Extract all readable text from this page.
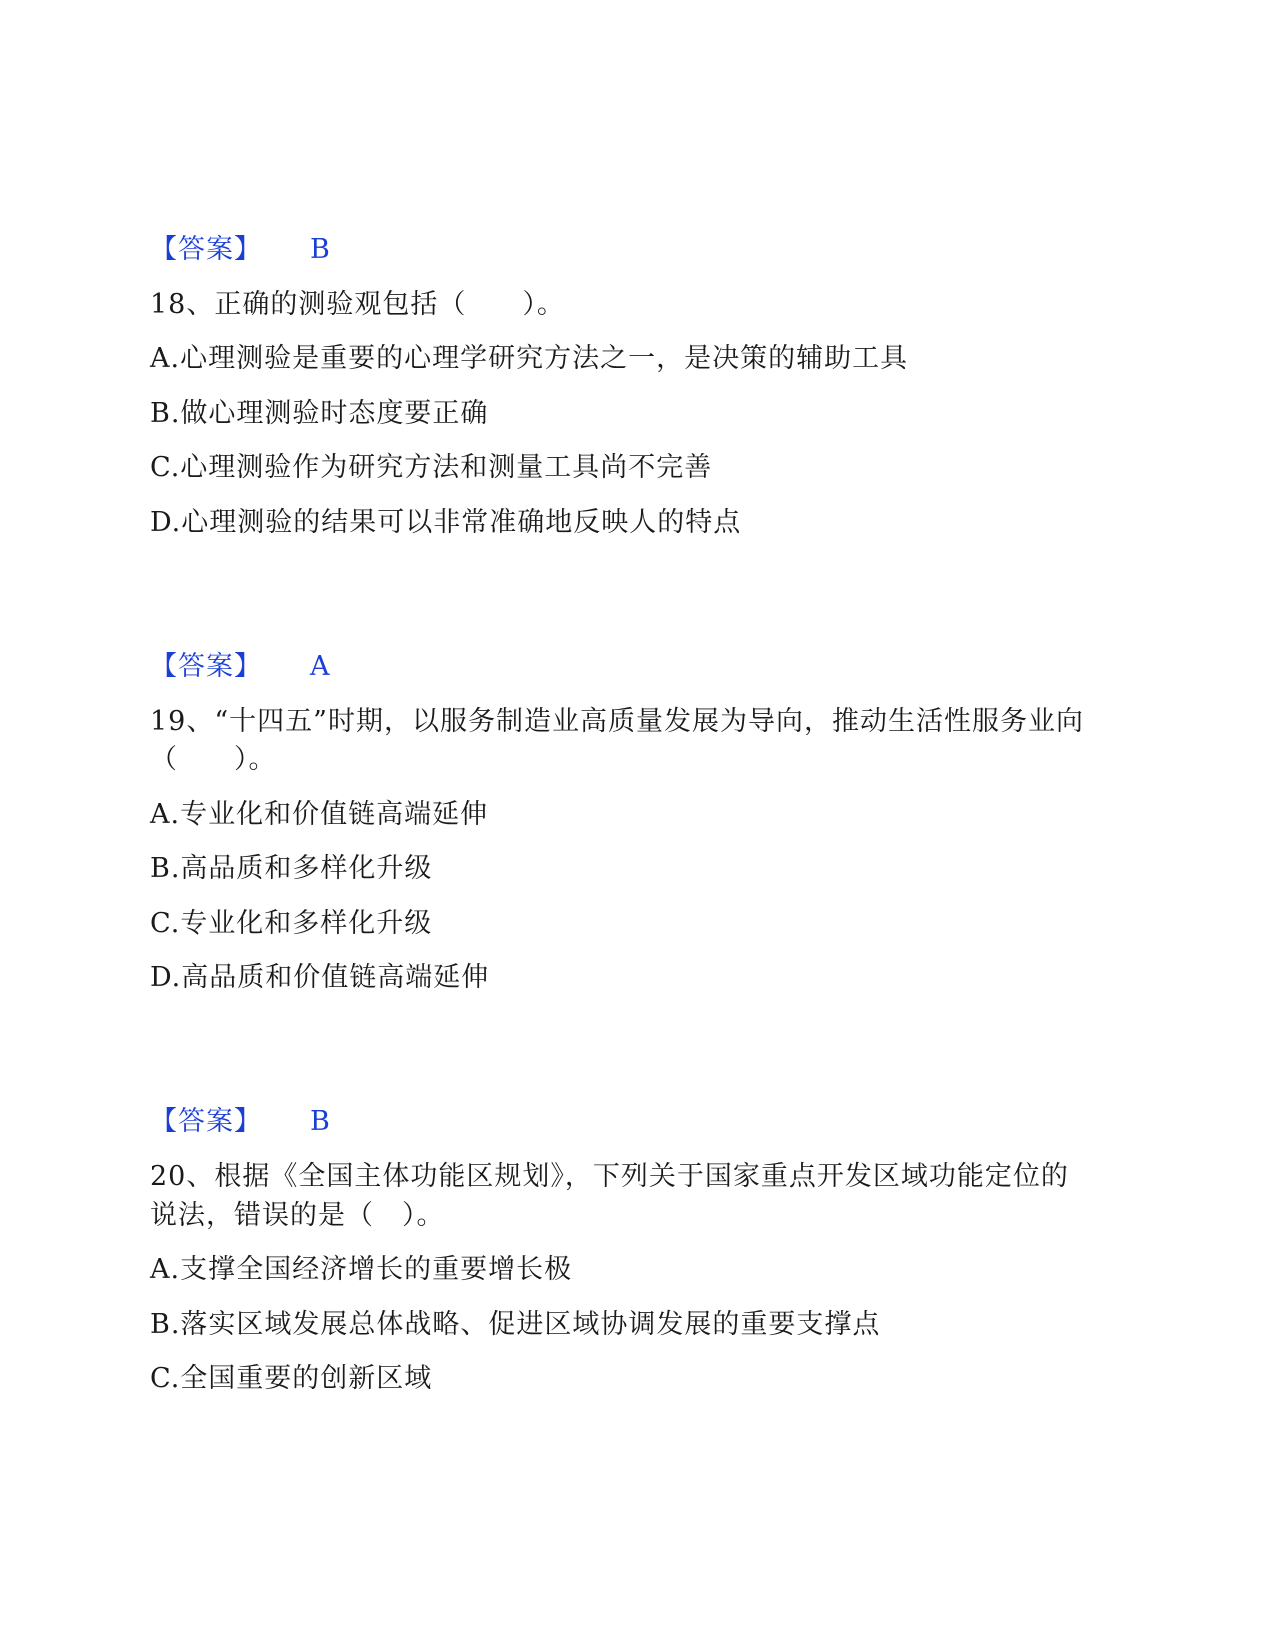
【答案】 B
18、正确的测验观包括（　　）。
A.心理测验是重要的心理学研究方法之一，是决策的辅助工具
B.做心理测验时态度要正确
C.心理测验作为研究方法和测量工具尚不完善
D.心理测验的结果可以非常准确地反映人的特点
【答案】 A
19、“十四五”时期，以服务制造业高质量发展为导向，推动生活性服务业向
（　　）。
A.专业化和价值链高端延伸
B.高品质和多样化升级
C.专业化和多样化升级
D.高品质和价值链高端延伸
【答案】 B
20、根据《全国主体功能区规划》，下列关于国家重点开发区域功能定位的
说法，错误的是（　）。
A.支撑全国经济增长的重要增长极
B.落实区域发展总体战略、促进区域协调发展的重要支撑点
C.全国重要的创新区域
